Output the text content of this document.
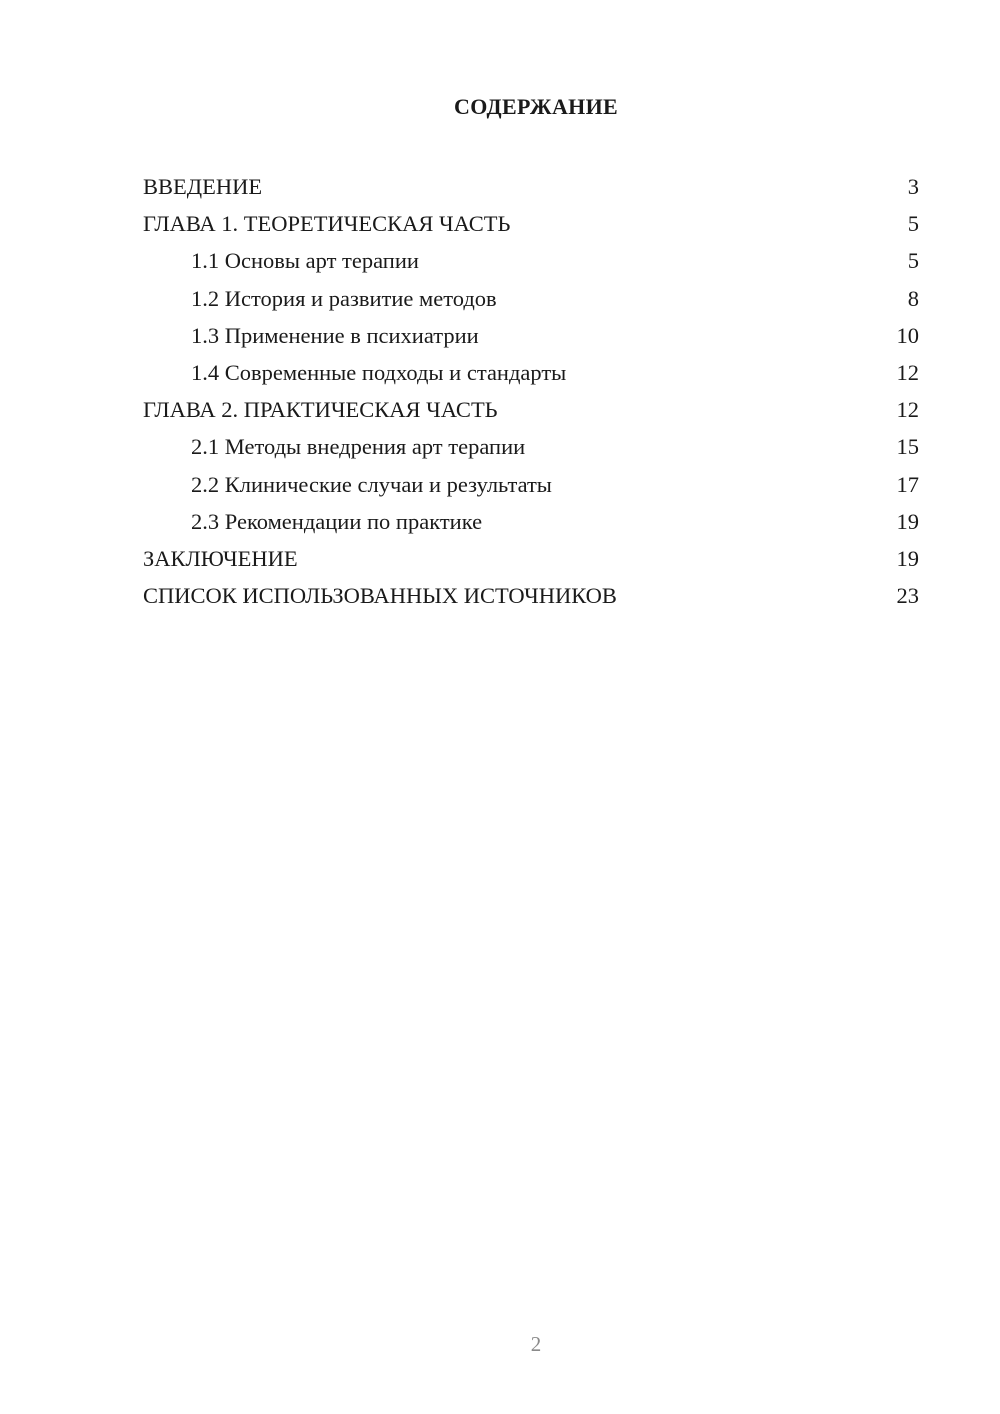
СОДЕРЖАНИЕ
ВВЕДЕНИЕ	3
ГЛАВА 1. ТЕОРЕТИЧЕСКАЯ ЧАСТЬ	5
1.1 Основы арт терапии	5
1.2 История и развитие методов	8
1.3 Применение в психиатрии	10
1.4 Современные подходы и стандарты	12
ГЛАВА 2. ПРАКТИЧЕСКАЯ ЧАСТЬ	12
2.1 Методы внедрения арт терапии	15
2.2 Клинические случаи и результаты	17
2.3 Рекомендации по практике	19
ЗАКЛЮЧЕНИЕ	19
СПИСОК ИСПОЛЬЗОВАННЫХ ИСТОЧНИКОВ	23
2
